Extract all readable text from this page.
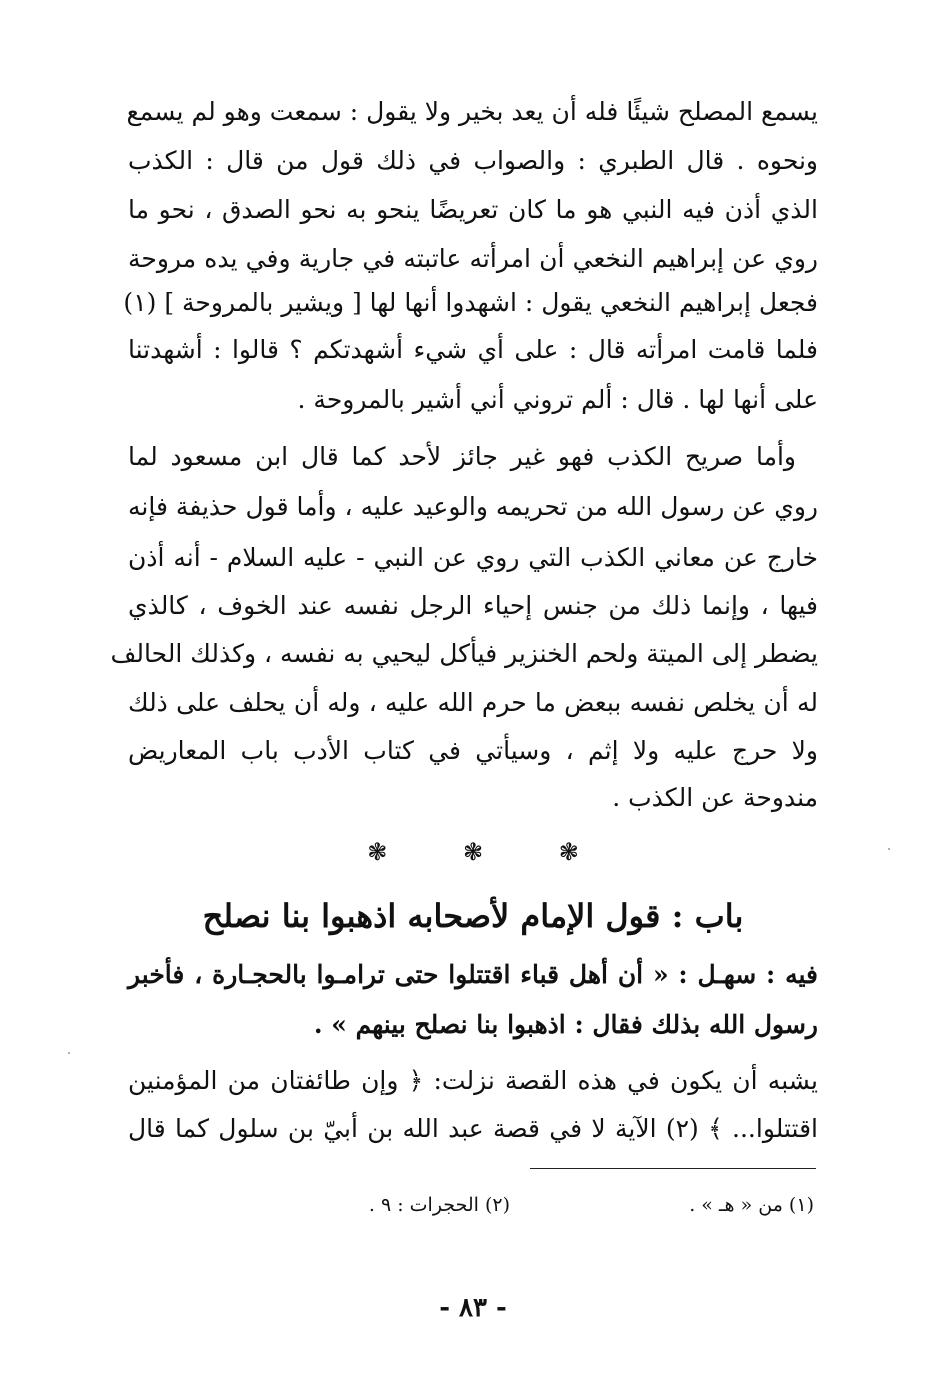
يسمع المصلح شيئًا فله أن يعد بخير ولا يقول : سمعت وهو لم يسمع
ونحوه . قال الطبري : والصواب في ذلك قول من قال : الكذب
الذي أذن فيه النبي هو ما كان تعريضًا ينحو به نحو الصدق ، نحو ما
روي عن إبراهيم النخعي أن امرأته عاتبته في جارية وفي يده مروحة
فجعل إبراهيم النخعي يقول : اشهدوا أنها لها [ ويشير بالمروحة ] (١)
فلما قامت امرأته قال : على أي شيء أشهدتكم ؟ قالوا : أشهدتنا
على أنها لها . قال : ألم تروني أني أشير بالمروحة .
وأما صريح الكذب فهو غير جائز لأحد كما قال ابن مسعود لما
روي عن رسول الله من تحريمه والوعيد عليه ، وأما قول حذيفة فإنه
خارج عن معاني الكذب التي روي عن النبي - عليه السلام - أنه أذن
فيها ، وإنما ذلك من جنس إحياء الرجل نفسه عند الخوف ، كالذي
يضطر إلى الميتة ولحم الخنزير فيأكل ليحيي به نفسه ، وكذلك الحالف
له أن يخلص نفسه ببعض ما حرم الله عليه ، وله أن يحلف على ذلك
ولا حرج عليه ولا إثم ، وسيأتي في كتاب الأدب باب المعاريض
مندوحة عن الكذب .
❃	❃	❃
باب : قول الإمام لأصحابه اذهبوا بنا نصلح
فيه : سهـل : « أن أهل قباء اقتتلوا حتى ترامـوا بالحجـارة ، فأخبر
رسول الله بذلك فقال : اذهبوا بنا نصلح بينهم » .
يشبه أن يكون في هذه القصة نزلت: ﴿ وإن طائفتان من المؤمنين
اقتتلوا... ﴾ (٢) الآية لا في قصة عبد الله بن أبيّ بن سلول كما قال
(١) من « هـ » .
(٢) الحجرات : ٩ .
- ٨٣ -
